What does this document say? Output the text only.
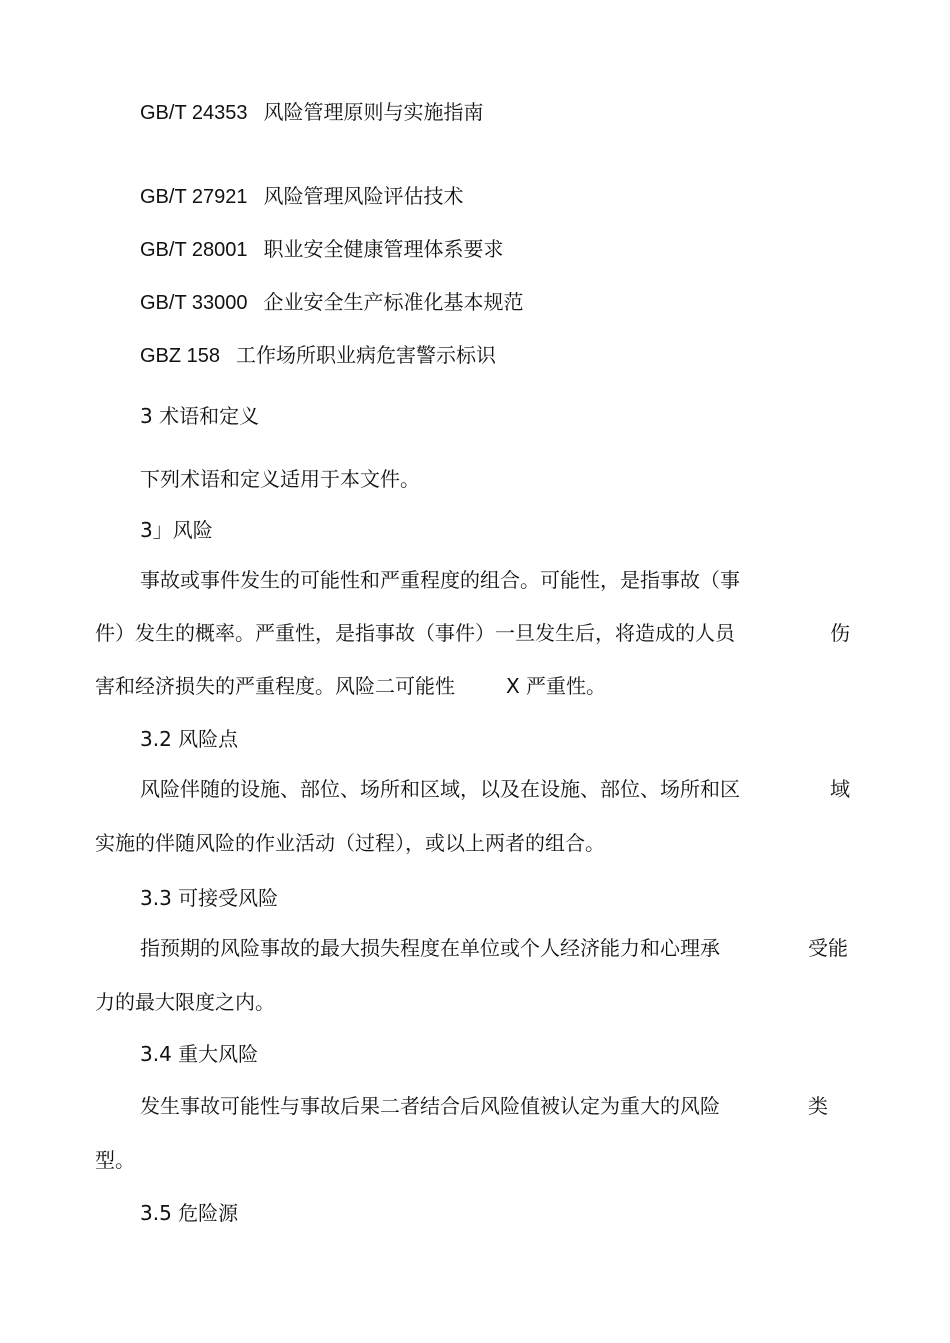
GB/T 24353 风险管理原则与实施指南
GB/T 27921 风险管理风险评估技术
GB/T 28001 职业安全健康管理体系要求
GB/T 33000 企业安全生产标准化基本规范
GBZ 158 工作场所职业病危害警示标识
3 术语和定义
下列术语和定义适用于本文件。
3」风险
事故或事件发生的可能性和严重程度的组合。可能性，是指事故（事
件）发生的概率。严重性，是指事故（事件）一旦发生后，将造成的人员	伤
害和经济损失的严重程度。风险二可能性	X 严重性。
3.2 风险点
风险伴随的设施、部位、场所和区域，以及在设施、部位、场所和区	域
实施的伴随风险的作业活动（过程），或以上两者的组合。
3.3 可接受风险
指预期的风险事故的最大损失程度在单位或个人经济能力和心理承	受能
力的最大限度之内。
3.4 重大风险
发生事故可能性与事故后果二者结合后风险值被认定为重大的风险	类
型。
3.5 危险源
